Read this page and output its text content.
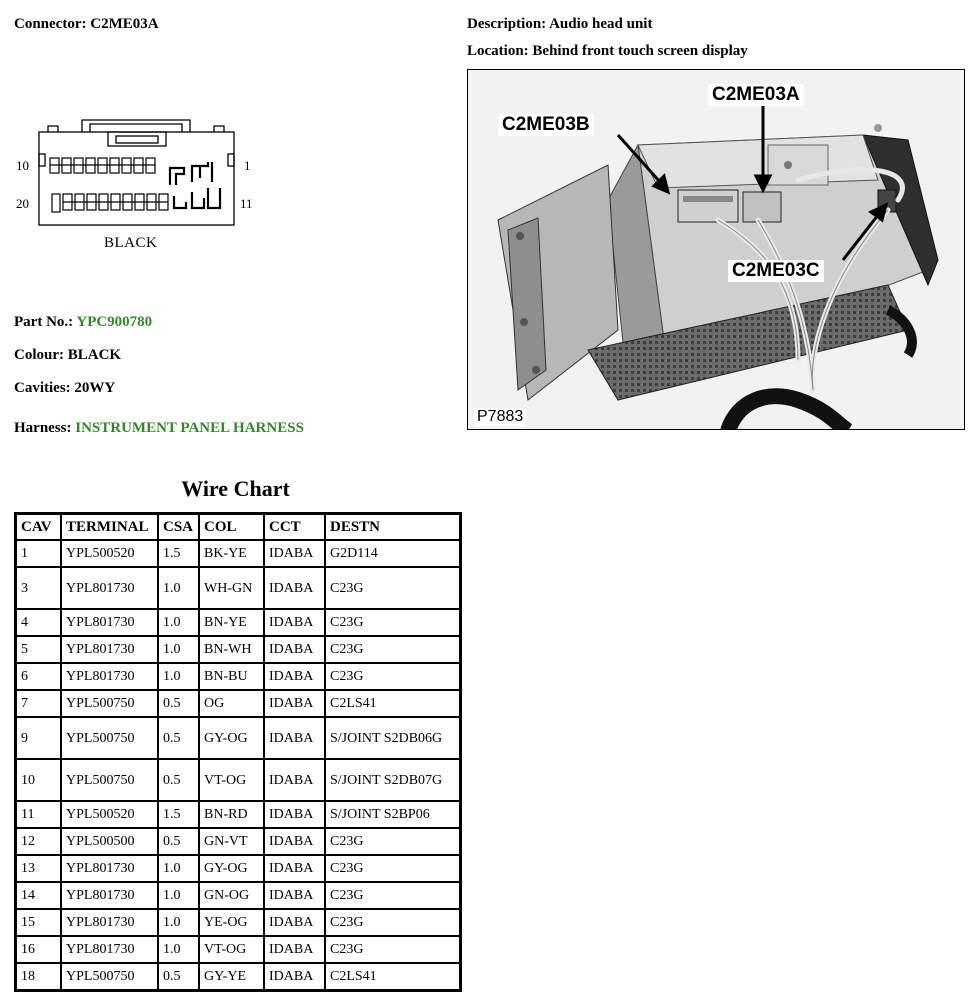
Connector: C2ME03A	Description: Audio head unit
Location: Behind front touch screen display
10	1
20	11
BLACK
C2ME03A
C2ME03B
C2ME03C
P7883
Part No.: YPC900780
Colour: BLACK
Cavities: 20WY
Harness: INSTRUMENT PANEL HARNESS
Wire Chart
CAV	TERMINAL	CSA	COL	CCT	DESTN
1	YPL500520	1.5	BK-YE	IDABA	G2D114
3	YPL801730	1.0	WH-GN	IDABA	C23G
4	YPL801730	1.0	BN-YE	IDABA	C23G
5	YPL801730	1.0	BN-WH	IDABA	C23G
6	YPL801730	1.0	BN-BU	IDABA	C23G
7	YPL500750	0.5	OG	IDABA	C2LS41
9	YPL500750	0.5	GY-OG	IDABA	S/JOINT S2DB06G
10	YPL500750	0.5	VT-OG	IDABA	S/JOINT S2DB07G
11	YPL500520	1.5	BN-RD	IDABA	S/JOINT S2BP06
12	YPL500500	0.5	GN-VT	IDABA	C23G
13	YPL801730	1.0	GY-OG	IDABA	C23G
14	YPL801730	1.0	GN-OG	IDABA	C23G
15	YPL801730	1.0	YE-OG	IDABA	C23G
16	YPL801730	1.0	VT-OG	IDABA	C23G
18	YPL500750	0.5	GY-YE	IDABA	C2LS41
